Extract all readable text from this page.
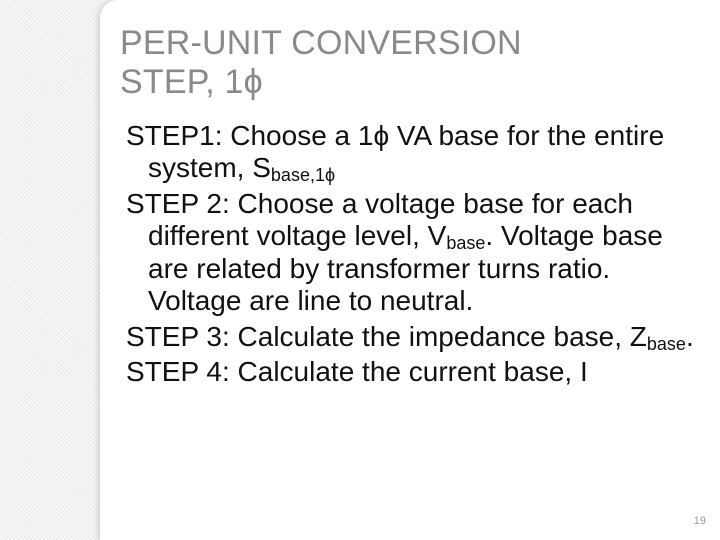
PER-UNIT CONVERSION
STEP, 1ϕ

STEP1: Choose a 1ϕ VA base for the entire system, $S_{base,1\phi}$

STEP 2: Choose a voltage base for each different voltage level, $V_{base}$. Voltage base are related by transformer turns ratio. Voltage are line to neutral.

STEP 3: Calculate the impedance base, $Z_{base}$.

STEP 4: Calculate the current base, I

19
